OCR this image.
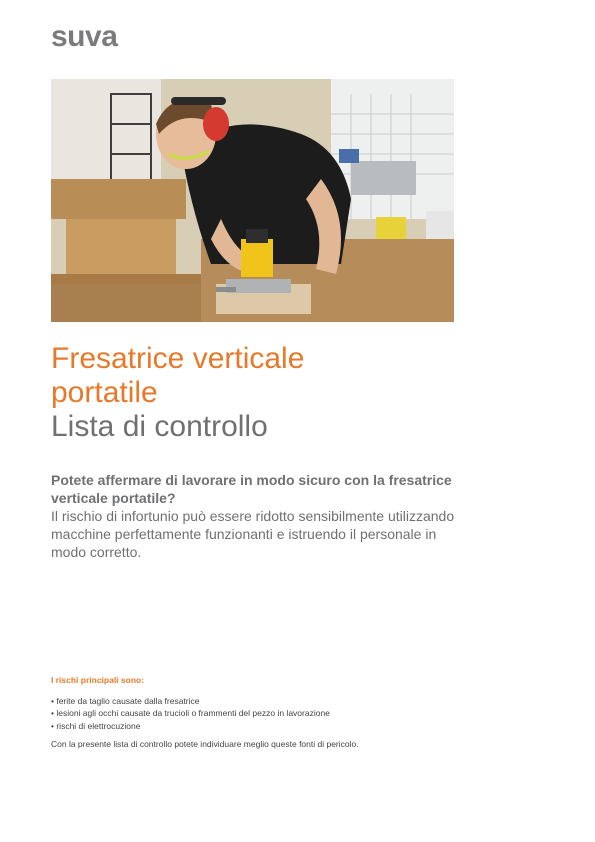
suva
Fresatrice verticale
portatile
Lista di controllo
Potete affermare di lavorare in modo sicuro con la fresatrice verticale portatile?
Il rischio di infortunio può essere ridotto sensibilmente utilizzando macchine perfettamente funzionanti e istruendo il personale in modo corretto.
I rischi principali sono:
• ferite da taglio causate dalla fresatrice
• lesioni agli occhi causate da trucioli o frammenti del pezzo in lavorazione
• rischi di elettrocuzione
Con la presente lista di controllo potete individuare meglio queste fonti di pericolo.
